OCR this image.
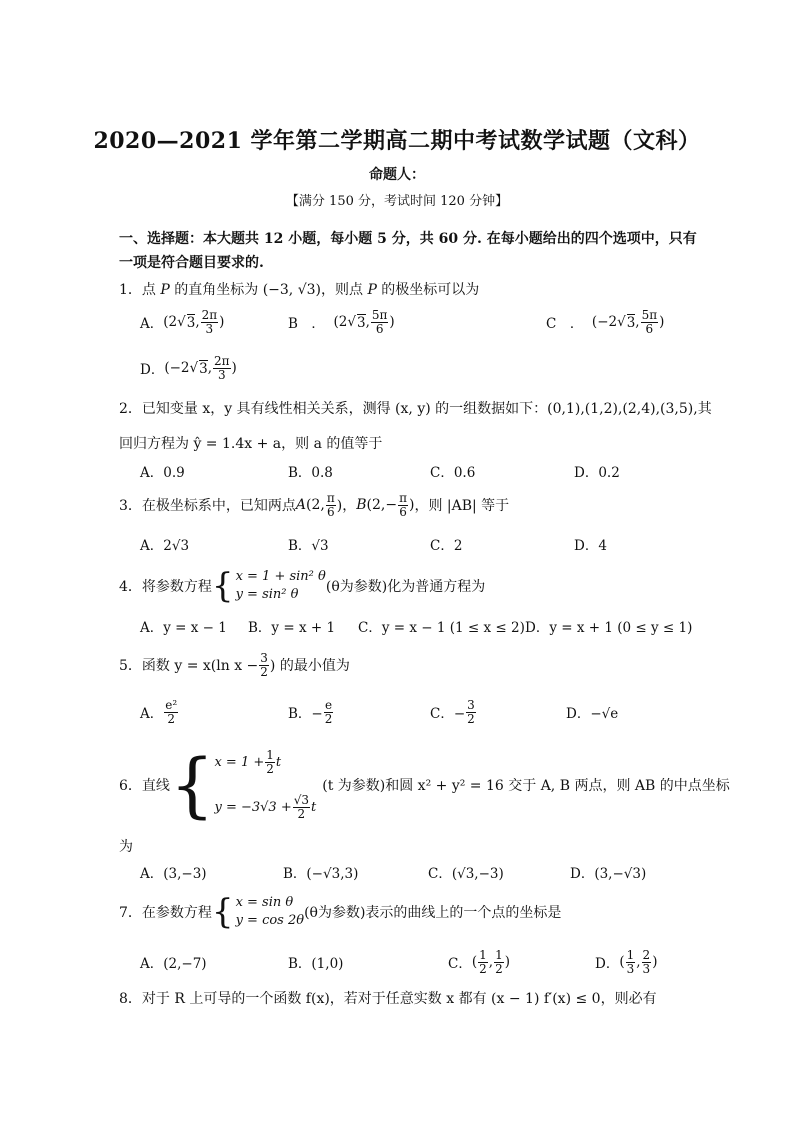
2020—2021 学年第二学期高二期中考试数学试题（文科）
命题人：
【满分 150 分，考试时间 120 分钟】
一、选择题：本大题共 12 小题，每小题 5 分，共 60 分. 在每小题给出的四个选项中，只有
一项是符合题目要求的.
1．点 P 的直角坐标为 (−3, √3)，则点 P 的极坐标可以为
A． (2 √ 3 , $\frac{2\pi}{3}$ )	B　． (2 √ 3 , $\frac{5\pi}{6}$ )	C　． (−2 √ 3 , $\frac{5\pi}{6}$ )
D． (−2 √ 3 , $\frac{2\pi}{3}$ )
2．已知变量 x，y 具有线性相关关系，测得 (x, y) 的一组数据如下：(0,1),(1,2),(2,4),(3,5),其
回归方程为 ŷ = 1.4x + a，则 a 的值等于
A．0.9	B．0.8	C．0.6	D．0.2
3．在极坐标系中，已知两点 A (2, $\frac{\pi}{6}$ )， B ($2,- \frac{\pi}{6}$ ) ，则 |AB| 等于
A．2√3	B．√3	C．2	D．4
4．将参数方程 { x = 1 + sin² θ
y = sin² θ	(θ为参数)化为普通方程为
A．y = x − 1 B．y = x + 1 C．y = x − 1 (1 ≤ x ≤ 2) D．y = x + 1 (0 ≤ y ≤ 1)
5．函数 y = x(ln $x - \frac{3}{2}$ ) 的最小值为
A． $\frac{\text{e²}}{2}$	B．− $\frac{e}{2}$	C．− $\frac{3}{2}$	D．−√e
6．直线 { $x = 1 + \frac{1}{2}$ t
$y = -3√3 + \frac{√3}{2}$ t
(t 为参数)和圆 x² + y² = 16 交于 A, B 两点，则 AB 的中点坐标
为
A．(3,−3)	B．(−√3,3)	C．(√3,−3)	D．(3,−√3)
7．在参数方程 { x = sin θ
y = cos 2θ (θ为参数)表示的曲线上的一个点的坐标是
A．(2,−7)	B．(1,0)	C． ( $\frac{1}{2}$ , $\frac{1}{2}$ )	D． ( $\frac{1}{3}$ , $\frac{2}{3}$ )
8．对于 R 上可导的一个函数 f(x)，若对于任意实数 x 都有 (x − 1) f′(x) ≤ 0，则必有
